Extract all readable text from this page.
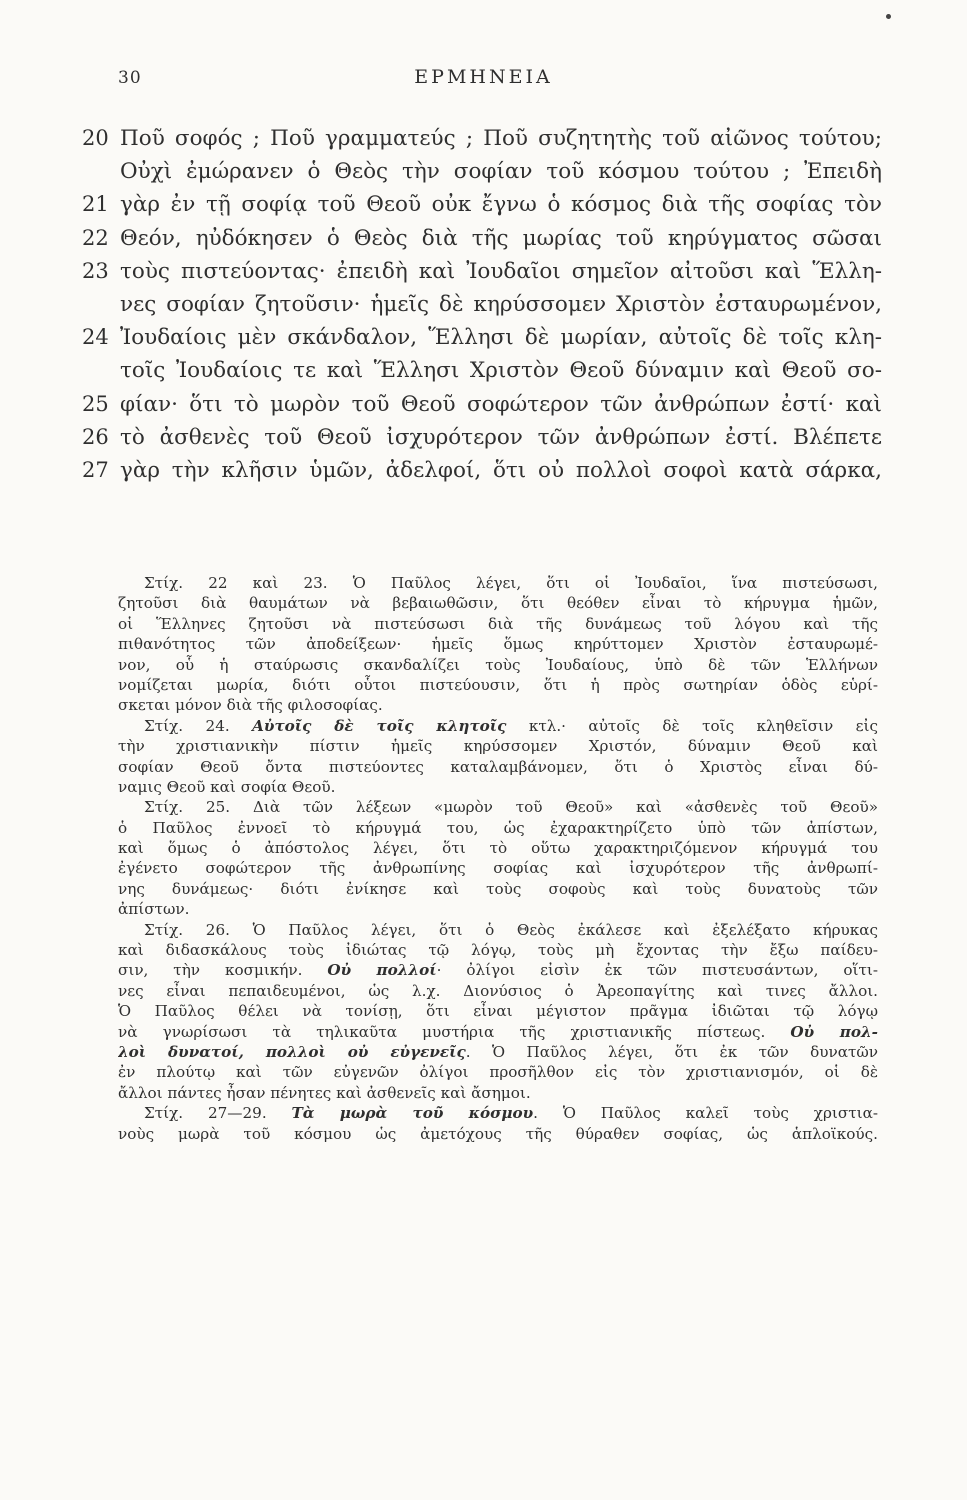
30	ΕΡΜΗΝΕΙΑ
20 Ποῦ σοφός ; Ποῦ γραμματεύς ; Ποῦ συζητητὴς τοῦ αἰῶνος τούτου;
Οὐχὶ ἐμώρανεν ὁ Θεὸς τὴν σοφίαν τοῦ κόσμου τούτου ; Ἐπειδὴ
21 γὰρ ἐν τῇ σοφίᾳ τοῦ Θεοῦ οὐκ ἔγνω ὁ κόσμος διὰ τῆς σοφίας τὸν
22 Θεόν, ηὐδόκησεν ὁ Θεὸς διὰ τῆς μωρίας τοῦ κηρύγματος σῶσαι
23 τοὺς πιστεύοντας· ἐπειδὴ καὶ Ἰουδαῖοι σημεῖον αἰτοῦσι καὶ Ἕλλη-
νες σοφίαν ζητοῦσιν· ἡμεῖς δὲ κηρύσσομεν Χριστὸν ἐσταυρωμένον,
24 Ἰουδαίοις μὲν σκάνδαλον, Ἕλλησι δὲ μωρίαν, αὐτοῖς δὲ τοῖς κλη-
τοῖς Ἰουδαίοις τε καὶ Ἕλλησι Χριστὸν Θεοῦ δύναμιν καὶ Θεοῦ σο-
25 φίαν· ὅτι τὸ μωρὸν τοῦ Θεοῦ σοφώτερον τῶν ἀνθρώπων ἐστί· καὶ
26 τὸ ἀσθενὲς τοῦ Θεοῦ ἰσχυρότερον τῶν ἀνθρώπων ἐστί. Βλέπετε
27 γὰρ τὴν κλῆσιν ὑμῶν, ἀδελφοί, ὅτι οὐ πολλοὶ σοφοὶ κατὰ σάρκα,
Στίχ. 22 καὶ 23. Ὁ Παῦλος λέγει, ὅτι οἱ Ἰουδαῖοι, ἵνα πιστεύσωσι,
ζητοῦσι διὰ θαυμάτων νὰ βεβαιωθῶσιν, ὅτι θεόθεν εἶναι τὸ κήρυγμα ἡμῶν,
οἱ Ἕλληνες ζητοῦσι νὰ πιστεύσωσι διὰ τῆς δυνάμεως τοῦ λόγου καὶ τῆς
πιθανότητος τῶν ἀποδείξεων· ἡμεῖς ὅμως κηρύττομεν Χριστὸν ἐσταυρωμέ-
νον, οὗ ἡ σταύρωσις σκανδαλίζει τοὺς Ἰουδαίους, ὑπὸ δὲ τῶν Ἑλλήνων
νομίζεται μωρία, διότι οὗτοι πιστεύουσιν, ὅτι ἡ πρὸς σωτηρίαν ὁδὸς εὑρί-
σκεται μόνον διὰ τῆς φιλοσοφίας.
Στίχ. 24. Αὐτοῖς δὲ τοῖς κλητοῖς κτλ.· αὐτοῖς δὲ τοῖς κληθεῖσιν εἰς
τὴν χριστιανικὴν πίστιν ἡμεῖς κηρύσσομεν Χριστόν, δύναμιν Θεοῦ καὶ
σοφίαν Θεοῦ ὄντα πιστεύοντες καταλαμβάνομεν, ὅτι ὁ Χριστὸς εἶναι δύ-
ναμις Θεοῦ καὶ σοφία Θεοῦ.
Στίχ. 25. Διὰ τῶν λέξεων «μωρὸν τοῦ Θεοῦ» καὶ «ἀσθενὲς τοῦ Θεοῦ»
ὁ Παῦλος ἐννοεῖ τὸ κήρυγμά του, ὡς ἐχαρακτηρίζετο ὑπὸ τῶν ἀπίστων,
καὶ ὅμως ὁ ἀπόστολος λέγει, ὅτι τὸ οὕτω χαρακτηριζόμενον κήρυγμά του
ἐγένετο σοφώτερον τῆς ἀνθρωπίνης σοφίας καὶ ἰσχυρότερον τῆς ἀνθρωπί-
νης δυνάμεως· διότι ἐνίκησε καὶ τοὺς σοφοὺς καὶ τοὺς δυνατοὺς τῶν
ἀπίστων.
Στίχ. 26. Ὁ Παῦλος λέγει, ὅτι ὁ Θεὸς ἐκάλεσε καὶ ἐξελέξατο κήρυκας
καὶ διδασκάλους τοὺς ἰδιώτας τῷ λόγῳ, τοὺς μὴ ἔχοντας τὴν ἔξω παίδευ-
σιν, τὴν κοσμικήν. Οὐ πολλοί· ὀλίγοι εἰσὶν ἐκ τῶν πιστευσάντων, οἵτι-
νες εἶναι πεπαιδευμένοι, ὡς λ.χ. Διονύσιος ὁ Ἀρεοπαγίτης καὶ τινες ἄλλοι.
Ὁ Παῦλος θέλει νὰ τονίσῃ, ὅτι εἶναι μέγιστον πρᾶγμα ἰδιῶται τῷ λόγῳ
νὰ γνωρίσωσι τὰ τηλικαῦτα μυστήρια τῆς χριστιανικῆς πίστεως. Οὐ πολ-
λοὶ δυνατοί, πολλοὶ οὐ εὐγενεῖς. Ὁ Παῦλος λέγει, ὅτι ἐκ τῶν δυνατῶν
ἐν πλούτῳ καὶ τῶν εὐγενῶν ὀλίγοι προσῆλθον εἰς τὸν χριστιανισμόν, οἱ δὲ
ἄλλοι πάντες ἦσαν πένητες καὶ ἀσθενεῖς καὶ ἄσημοι.
Στίχ. 27—29. Τὰ μωρὰ τοῦ κόσμου. Ὁ Παῦλος καλεῖ τοὺς χριστια-
νοὺς μωρὰ τοῦ κόσμου ὡς ἀμετόχους τῆς θύραθεν σοφίας, ὡς ἁπλοϊκούς.
